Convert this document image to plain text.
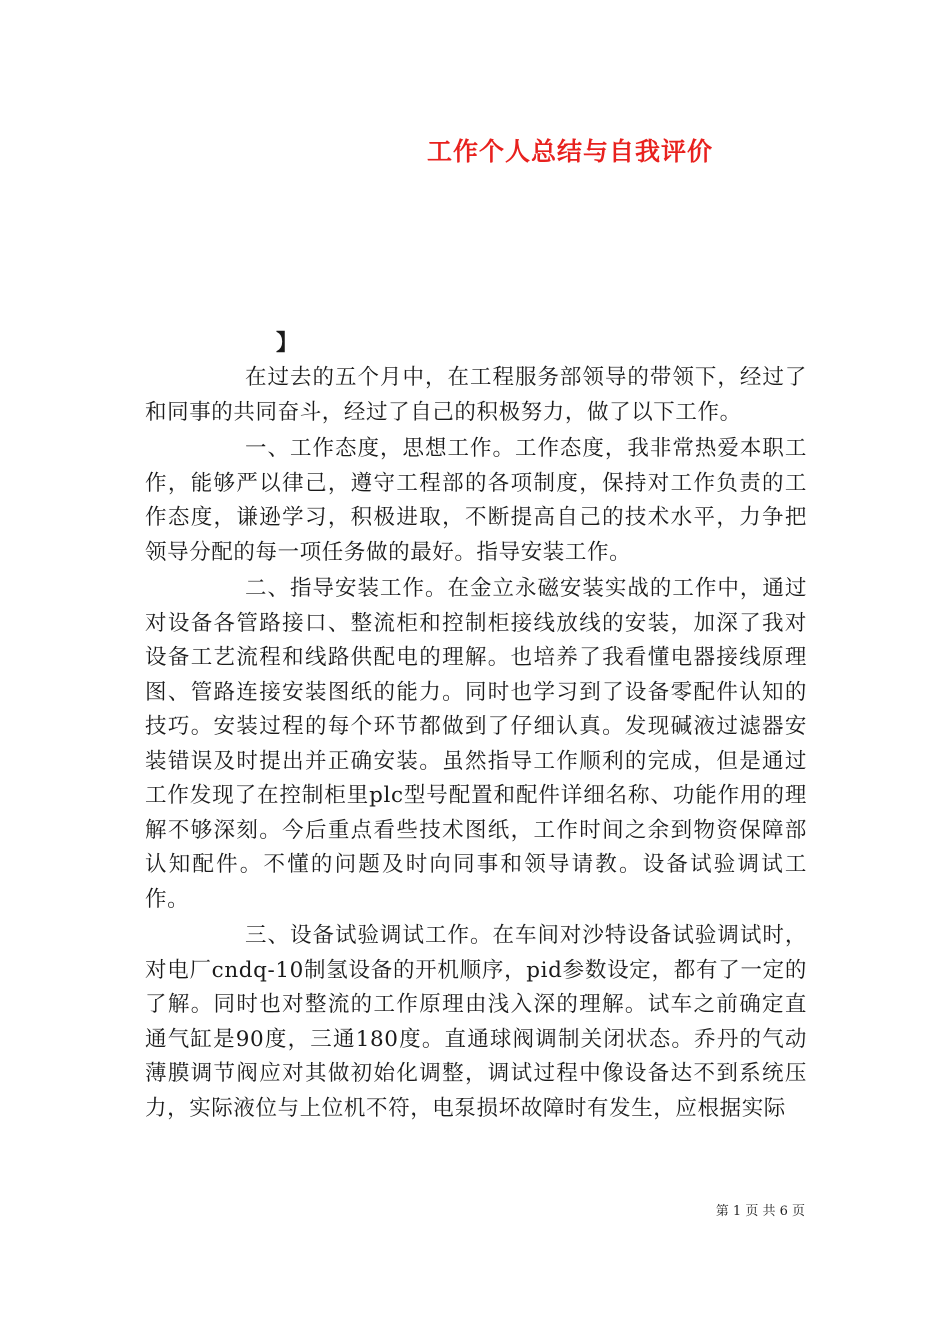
工作个人总结与自我评价
】

在过去的五个月中，在工程服务部领导的带领下，经过了和同事的共同奋斗，经过了自己的积极努力，做了以下工作。

一、工作态度，思想工作。工作态度，我非常热爱本职工作，能够严以律己，遵守工程部的各项制度，保持对工作负责的工作态度，谦逊学习，积极进取，不断提高自己的技术水平，力争把领导分配的每一项任务做的最好。指导安装工作。

二、指导安装工作。在金立永磁安装实战的工作中，通过对设备各管路接口、整流柜和控制柜接线放线的安装，加深了我对设备工艺流程和线路供配电的理解。也培养了我看懂电器接线原理图、管路连接安装图纸的能力。同时也学习到了设备零配件认知的技巧。安装过程的每个环节都做到了仔细认真。发现碱液过滤器安装错误及时提出并正确安装。虽然指导工作顺利的完成，但是通过工作发现了在控制柜里plc型号配置和配件详细名称、功能作用的理解不够深刻。今后重点看些技术图纸，工作时间之余到物资保障部认知配件。不懂的问题及时向同事和领导请教。设备试验调试工作。

三、设备试验调试工作。在车间对沙特设备试验调试时，对电厂cndq-10制氢设备的开机顺序，pid参数设定，都有了一定的了解。同时也对整流的工作原理由浅入深的理解。试车之前确定直通气缸是90度，三通180度。直通球阀调制关闭状态。乔丹的气动薄膜调节阀应对其做初始化调整，调试过程中像设备达不到系统压力，实际液位与上位机不符，电泵损坏故障时有发生，应根据实际

第 1 页 共 6 页
